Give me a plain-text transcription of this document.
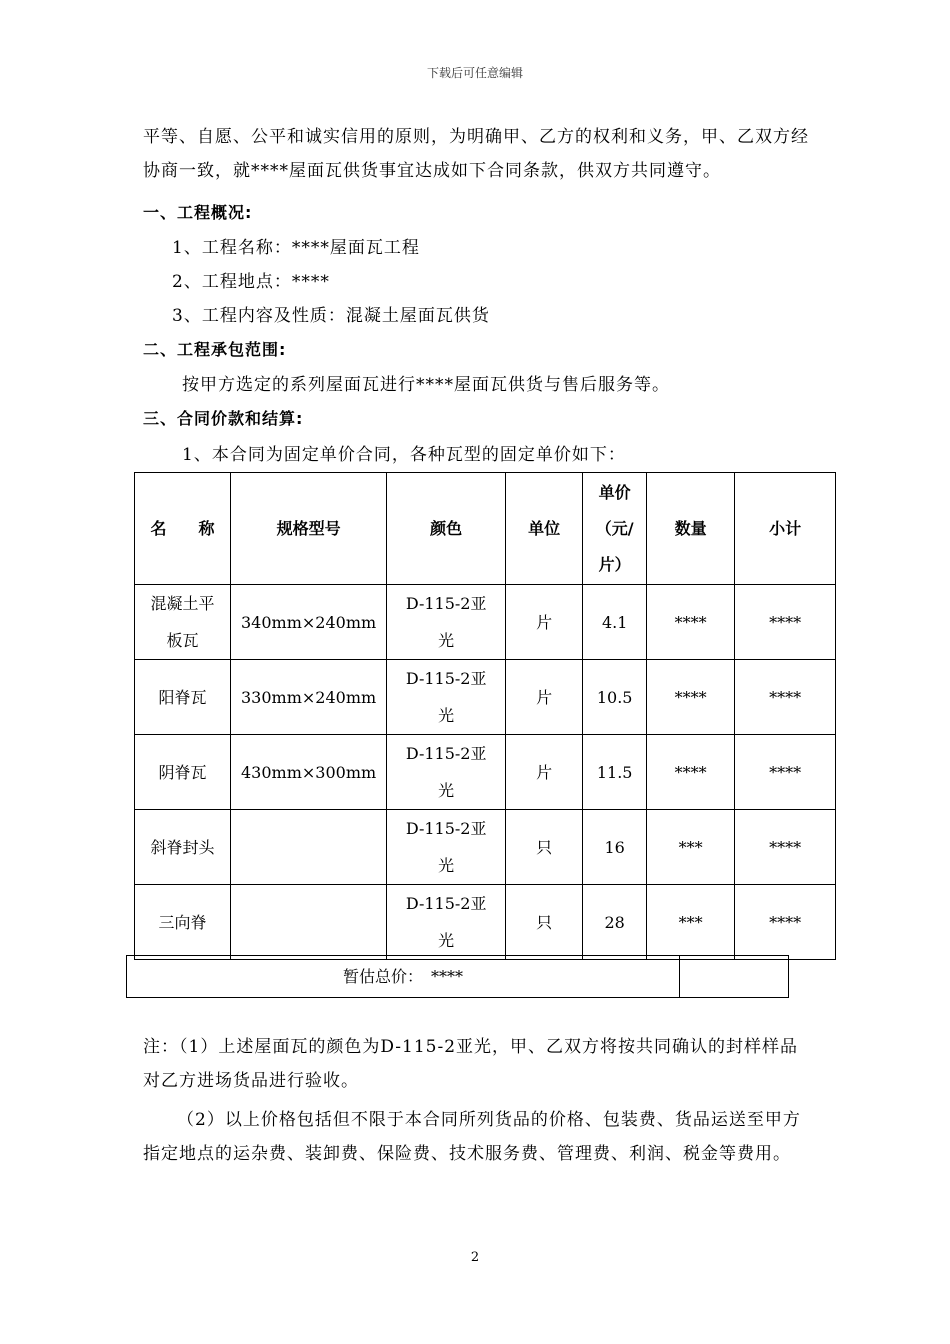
下载后可任意编辑
平等、自愿、公平和诚实信用的原则，为明确甲、乙方的权利和义务，甲、乙双方经协商一致，就****屋面瓦供货事宜达成如下合同条款，供双方共同遵守。
一、工程概况:
1、工程名称：****屋面瓦工程
2、工程地点：****
3、工程内容及性质：混凝土屋面瓦供货
二、工程承包范围:
按甲方选定的系列屋面瓦进行****屋面瓦供货与售后服务等。
三、合同价款和结算:
1、本合同为固定单价合同，各种瓦型的固定单价如下：
名　　称	规格型号	颜色	单位	单价（元/片）	数量	小计
混凝土平板瓦	340mm×240mm	D-115-2亚光	片	4.1	****	****
阳脊瓦	330mm×240mm	D-115-2亚光	片	10.5	****	****
阴脊瓦	430mm×300mm	D-115-2亚光	片	11.5	****	****
斜脊封头		D-115-2亚光	只	16	***	****
三向脊		D-115-2亚光	只	28	***	****
暂估总价：　****
注：（1）上述屋面瓦的颜色为D-115-2亚光，甲、乙双方将按共同确认的封样样品对乙方进场货品进行验收。
（2）以上价格包括但不限于本合同所列货品的价格、包装费、货品运送至甲方指定地点的运杂费、装卸费、保险费、技术服务费、管理费、利润、税金等费用。
2
